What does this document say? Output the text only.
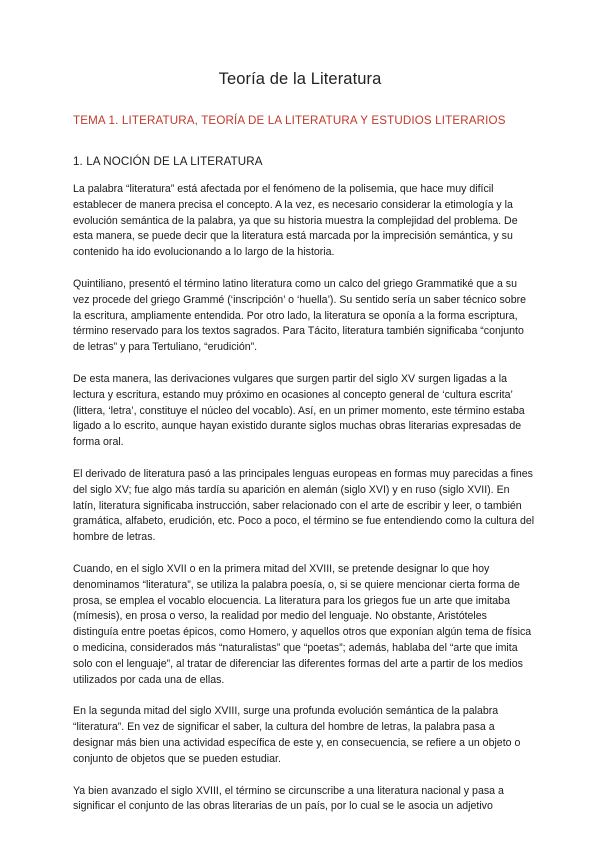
Teoría de la Literatura
TEMA 1. LITERATURA, TEORÍA DE LA LITERATURA Y ESTUDIOS LITERARIOS
1. LA NOCIÓN DE LA LITERATURA

La palabra “literatura” está afectada por el fenómeno de la polisemia, que hace muy difícil establecer de manera precisa el concepto. A la vez, es necesario considerar la etimología y la evolución semántica de la palabra, ya que su historia muestra la complejidad del problema. De esta manera, se puede decir que la literatura está marcada por la imprecisión semántica, y su contenido ha ido evolucionando a lo largo de la historia.

Quintiliano, presentó el término latino literatura como un calco del griego Grammatiké que a su vez procede del griego Grammé (‘inscripción’ o ‘huella’). Su sentido sería un saber técnico sobre la escritura, ampliamente entendida. Por otro lado, la literatura se oponía a la forma escriptura, término reservado para los textos sagrados. Para Tácito, literatura también significaba “conjunto de letras” y para Tertuliano, “erudición”.

De esta manera, las derivaciones vulgares que surgen partir del siglo XV surgen ligadas a la lectura y escritura, estando muy próximo en ocasiones al concepto general de ‘cultura escrita’ (littera, ‘letra’, constituye el núcleo del vocablo). Así, en un primer momento, este término estaba ligado a lo escrito, aunque hayan existido durante siglos muchas obras literarias expresadas de forma oral.

El derivado de literatura pasó a las principales lenguas europeas en formas muy parecidas a fines del siglo XV; fue algo más tardía su aparición en alemán (siglo XVI) y en ruso (siglo XVII). En latín, literatura significaba instrucción, saber relacionado con el arte de escribir y leer, o también gramática, alfabeto, erudición, etc. Poco a poco, el término se fue entendiendo como la cultura del hombre de letras.

Cuando, en el siglo XVII o en la primera mitad del XVIII, se pretende designar lo que hoy denominamos “literatura”, se utiliza la palabra poesía, o, si se quiere mencionar cierta forma de prosa, se emplea el vocablo elocuencia. La literatura para los griegos fue un arte que imitaba (mímesis), en prosa o verso, la realidad por medio del lenguaje. No obstante, Aristóteles distinguía entre poetas épicos, como Homero, y aquellos otros que exponían algún tema de física o medicina, considerados más “naturalistas” que “poetas”; además, hablaba del “arte que imita solo con el lenguaje”, al tratar de diferenciar las diferentes formas del arte a partir de los medios utilizados por cada una de ellas.

En la segunda mitad del siglo XVIII, surge una profunda evolución semántica de la palabra “literatura”. En vez de significar el saber, la cultura del hombre de letras, la palabra pasa a designar más bien una actividad específica de este y, en consecuencia, se refiere a un objeto o conjunto de objetos que se pueden estudiar.

Ya bien avanzado el siglo XVIII, el término se circunscribe a una literatura nacional y pasa a significar el conjunto de las obras literarias de un país, por lo cual se le asocia un adjetivo
